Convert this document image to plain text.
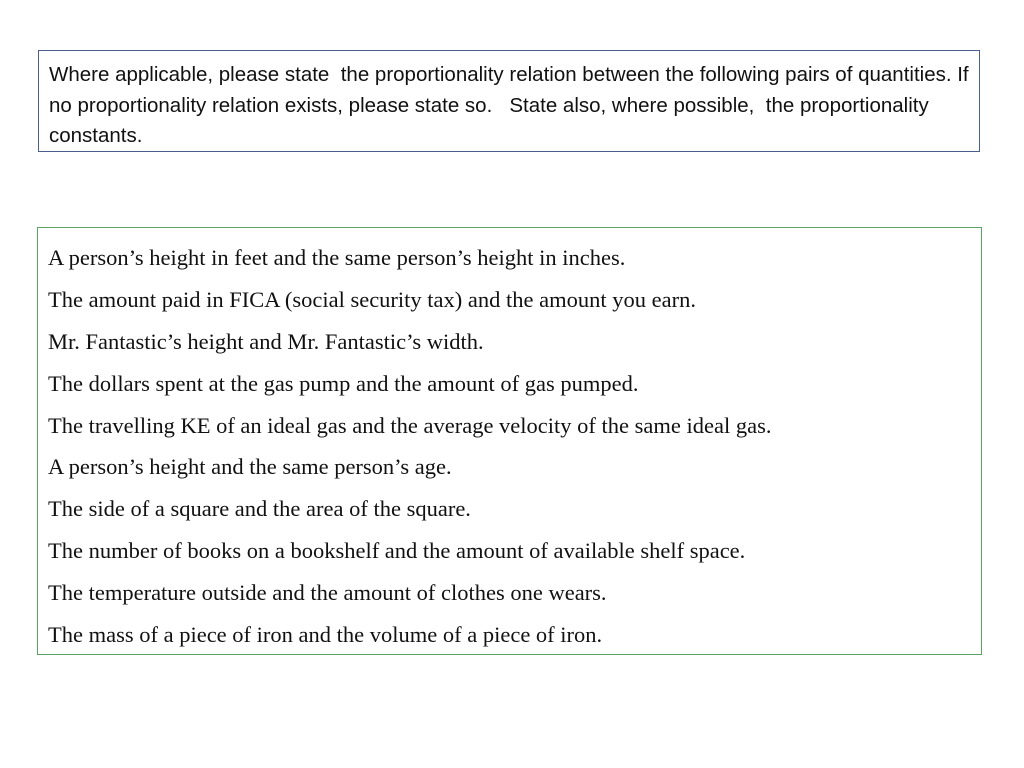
Where applicable, please state  the proportionality relation between the following pairs of quantities. If no proportionality relation exists, please state so.   State also, where possible,  the proportionality constants.

A person’s height in feet and the same person’s height in inches.
The amount paid in FICA (social security tax) and the amount you earn.
Mr. Fantastic’s height and Mr. Fantastic’s width.
The dollars spent at the gas pump and the amount of gas pumped.
The travelling KE of an ideal gas and the average velocity of the same ideal gas.
A person’s height and the same person’s age.
The side of a square and the area of the square.
The number of books on a bookshelf and the amount of available shelf space.
The temperature outside and the amount of clothes one wears.
The mass of a piece of iron and the volume of a piece of iron.
